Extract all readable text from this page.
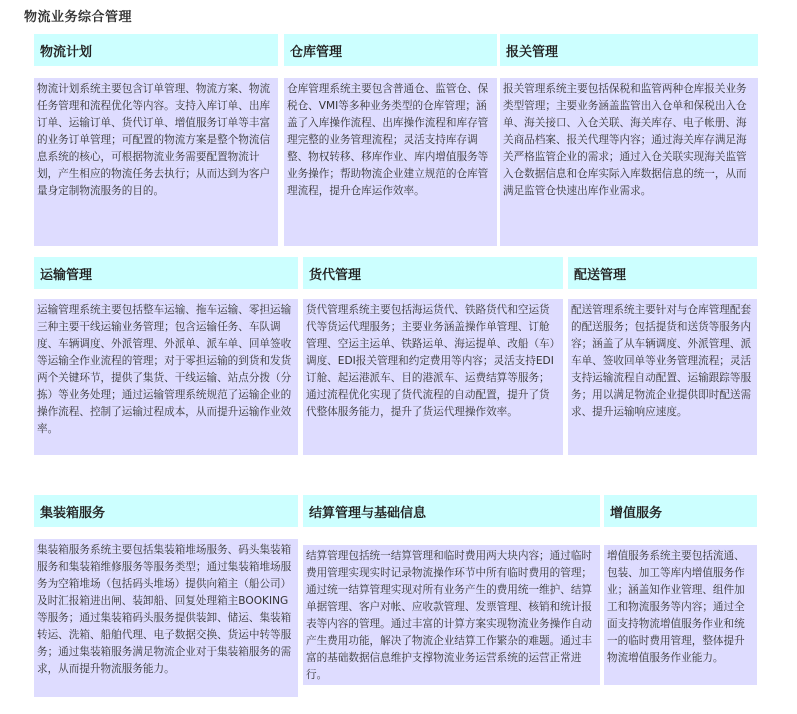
物流业务综合管理
物流计划
物流计划系统主要包含订单管理、物流方案、物流任务管理和流程优化等内容。支持入库订单、出库订单、运输订单、货代订单、增值服务订单等丰富的业务订单管理；可配置的物流方案是整个物流信息系统的核心，可根据物流业务需要配置物流计划，产生相应的物流任务去执行；从而达到为客户量身定制物流服务的目的。
仓库管理
仓库管理系统主要包含普通仓、监管仓、保税仓、VMI等多种业务类型的仓库管理；涵盖了入库操作流程、出库操作流程和库存管理完整的业务管理流程；灵活支持库存调整、物权转移、移库作业、库内增值服务等业务操作；帮助物流企业建立规范的仓库管理流程，提升仓库运作效率。
报关管理
报关管理系统主要包括保税和监管两种仓库报关业务类型管理；主要业务涵盖监管出入仓单和保税出入仓单、海关接口、入仓关联、海关库存、电子帐册、海关商品档案、报关代理等内容；通过海关库存满足海关严格监管企业的需求；通过入仓关联实现海关监管入仓数据信息和仓库实际入库数据信息的统一，从而满足监管仓快速出库作业需求。
运输管理
运输管理系统主要包括整车运输、拖车运输、零担运输三种主要干线运输业务管理；包含运输任务、车队调度、车辆调度、外派管理、外派单、派车单、回单签收等运输全作业流程的管理；对于零担运输的到货和发货两个关键环节，提供了集货、干线运输、站点分拨（分拣）等业务处理；通过运输管理系统规范了运输企业的操作流程、控制了运输过程成本，从而提升运输作业效率。
货代管理
货代管理系统主要包括海运货代、铁路货代和空运货代等货运代理服务；主要业务涵盖操作单管理、订舱管理、空运主运单、铁路运单、海运提单、改船（车）调度、EDI报关管理和约定费用等内容；灵活支持EDI订舱、起运港派车、目的港派车、运费结算等服务；通过流程优化实现了货代流程的自动配置，提升了货代整体服务能力，提升了货运代理操作效率。
配送管理
配送管理系统主要针对与仓库管理配套的配送服务；包括提货和送货等服务内容；涵盖了从车辆调度、外派管理、派车单、签收回单等业务管理流程；灵活支持运输流程自动配置、运输跟踪等服务；用以满足物流企业提供即时配送需求、提升运输响应速度。
集装箱服务
集装箱服务系统主要包括集装箱堆场服务、码头集装箱服务和集装箱维修服务等服务类型；通过集装箱堆场服务为空箱堆场（包括码头堆场）提供向箱主（船公司）及时汇报箱进出闸、装卸船、回复处理箱主BOOKING等服务；通过集装箱码头服务提供装卸、储运、集装箱转运、洗箱、船舶代理、电子数据交换、货运中转等服务；通过集装箱服务满足物流企业对于集装箱服务的需求，从而提升物流服务能力。
结算管理与基础信息
结算管理包括统一结算管理和临时费用两大块内容；通过临时费用管理实现实时记录物流操作环节中所有临时费用的管理；通过统一结算管理实现对所有业务产生的费用统一维护、结算单据管理、客户对帐、应收款管理、发票管理、核销和统计报表等内容的管理。通过丰富的计算方案实现物流业务操作自动产生费用功能，解决了物流企业结算工作繁杂的难题。通过丰富的基础数据信息维护支撑物流业务运营系统的运营正常进行。
增值服务
增值服务系统主要包括流通、包装、加工等库内增值服务作业；涵盖知作业管理、组件加工和物流服务等内容；通过全面支持物流增值服务作业和统一的临时费用管理，整体提升物流增值服务作业能力。
